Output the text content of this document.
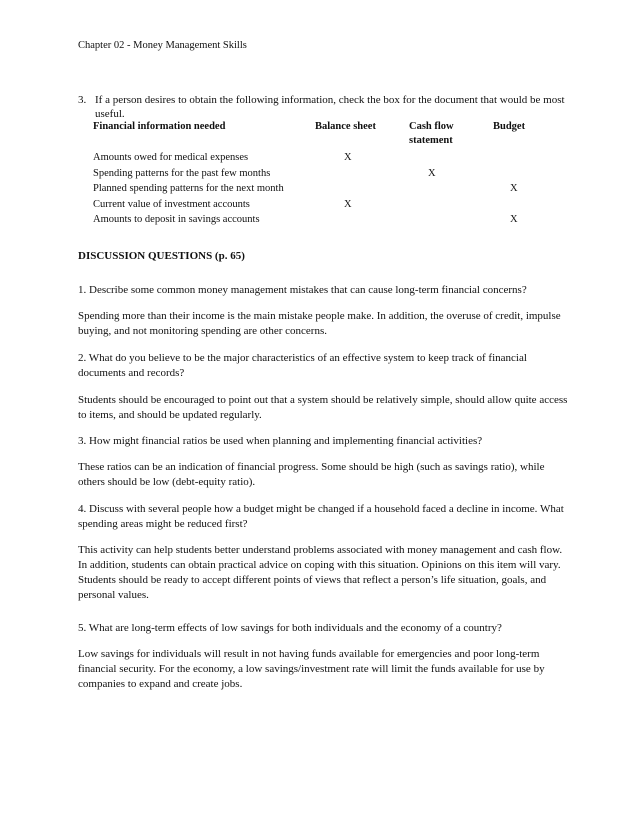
Chapter 02 - Money Management Skills
3. If a person desires to obtain the following information, check the box for the document that would be most useful.
Financial information needed	Balance sheet	Cash flow statement	Budget
Amounts owed for medical expenses	X		
Spending patterns for the past few months		X	
Planned spending patterns for the next month			X
Current value of investment accounts	X		
Amounts to deposit in savings accounts			X
DISCUSSION QUESTIONS (p. 65)
1. Describe some common money management mistakes that can cause long-term financial concerns?
Spending more than their income is the main mistake people make. In addition, the overuse of credit, impulse buying, and not monitoring spending are other concerns.
2. What do you believe to be the major characteristics of an effective system to keep track of financial documents and records?
Students should be encouraged to point out that a system should be relatively simple, should allow quite access to items, and should be updated regularly.
3. How might financial ratios be used when planning and implementing financial activities?
These ratios can be an indication of financial progress. Some should be high (such as savings ratio), while others should be low (debt-equity ratio).
4. Discuss with several people how a budget might be changed if a household faced a decline in income. What spending areas might be reduced first?
This activity can help students better understand problems associated with money management and cash flow. In addition, students can obtain practical advice on coping with this situation. Opinions on this item will vary. Students should be ready to accept different points of views that reflect a person’s life situation, goals, and personal values.
5. What are long-term effects of low savings for both individuals and the economy of a country?
Low savings for individuals will result in not having funds available for emergencies and poor long-term financial security. For the economy, a low savings/investment rate will limit the funds available for use by companies to expand and create jobs.
